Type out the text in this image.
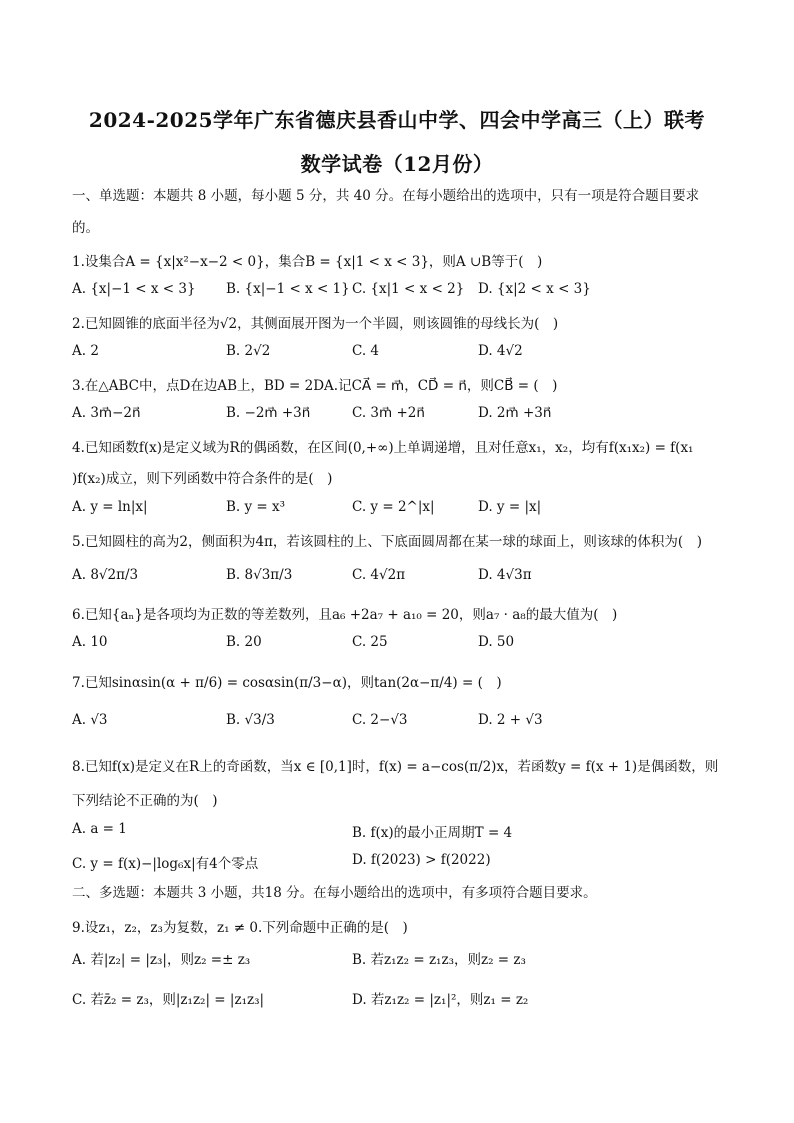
2024-2025学年广东省德庆县香山中学、四会中学高三（上）联考
数学试卷（12月份）
一、单选题：本题共 8 小题，每小题 5 分，共 40 分。在每小题给出的选项中，只有一项是符合题目要求的。
1.设集合A = {x|x²−x−2 < 0}，集合B = {x|1 < x < 3}，则A ∪B等于(　)
A. {x|−1 < x < 3} B. {x|−1 < x < 1} C. {x|1 < x < 2} D. {x|2 < x < 3}
2.已知圆锥的底面半径为√2，其侧面展开图为一个半圆，则该圆锥的母线长为(　)
A. 2	B. 2√2	C. 4	D. 4√2
3.在△ABC中，点D在边AB上，BD = 2DA.记CA⃗ = m⃗，CD⃗ = n⃗，则CB⃗ = (　)
A. 3m⃗−2n⃗	B. −2m⃗ +3n⃗	C. 3m⃗ +2n⃗	D. 2m⃗ +3n⃗
4.已知函数f(x)是定义域为R的偶函数，在区间(0,+∞)上单调递增，且对任意x₁，x₂，均有f(x₁x₂) = f(x₁
)f(x₂)成立，则下列函数中符合条件的是(　)
A. y = ln|x|	B. y = x³	C. y = 2^|x|	D. y = |x|
5.已知圆柱的高为2，侧面积为4π，若该圆柱的上、下底面圆周都在某一球的球面上，则该球的体积为(　)
A. 8√2π/3	B. 8√3π/3	C. 4√2π	D. 4√3π
6.已知{aₙ}是各项均为正数的等差数列，且a₆ +2a₇ + a₁₀ = 20，则a₇ · a₈的最大值为(　)
A. 10	B. 20	C. 25	D. 50
7.已知sinαsin(α + π/6) = cosαsin(π/3−α)，则tan(2α−π/4) = (　)
A. √3	B. √3/3	C. 2−√3	D. 2 + √3
8.已知f(x)是定义在R上的奇函数，当x ∈ [0,1]时，f(x) = a−cos(π/2)x，若函数y = f(x + 1)是偶函数，则
下列结论不正确的为(　)
A. a = 1	B. f(x)的最小正周期T = 4
C. y = f(x)−|log₆x|有4个零点	D. f(2023) > f(2022)
二、多选题：本题共 3 小题，共18 分。在每小题给出的选项中，有多项符合题目要求。
9.设z₁，z₂，z₃为复数，z₁ ≠ 0.下列命题中正确的是(　)
A. 若|z₂| = |z₃|，则z₂ =± z₃	B. 若z₁z₂ = z₁z₃，则z₂ = z₃
C. 若z̄₂ = z₃，则|z₁z₂| = |z₁z₃|	D. 若z₁z₂ = |z₁|²，则z₁ = z₂
